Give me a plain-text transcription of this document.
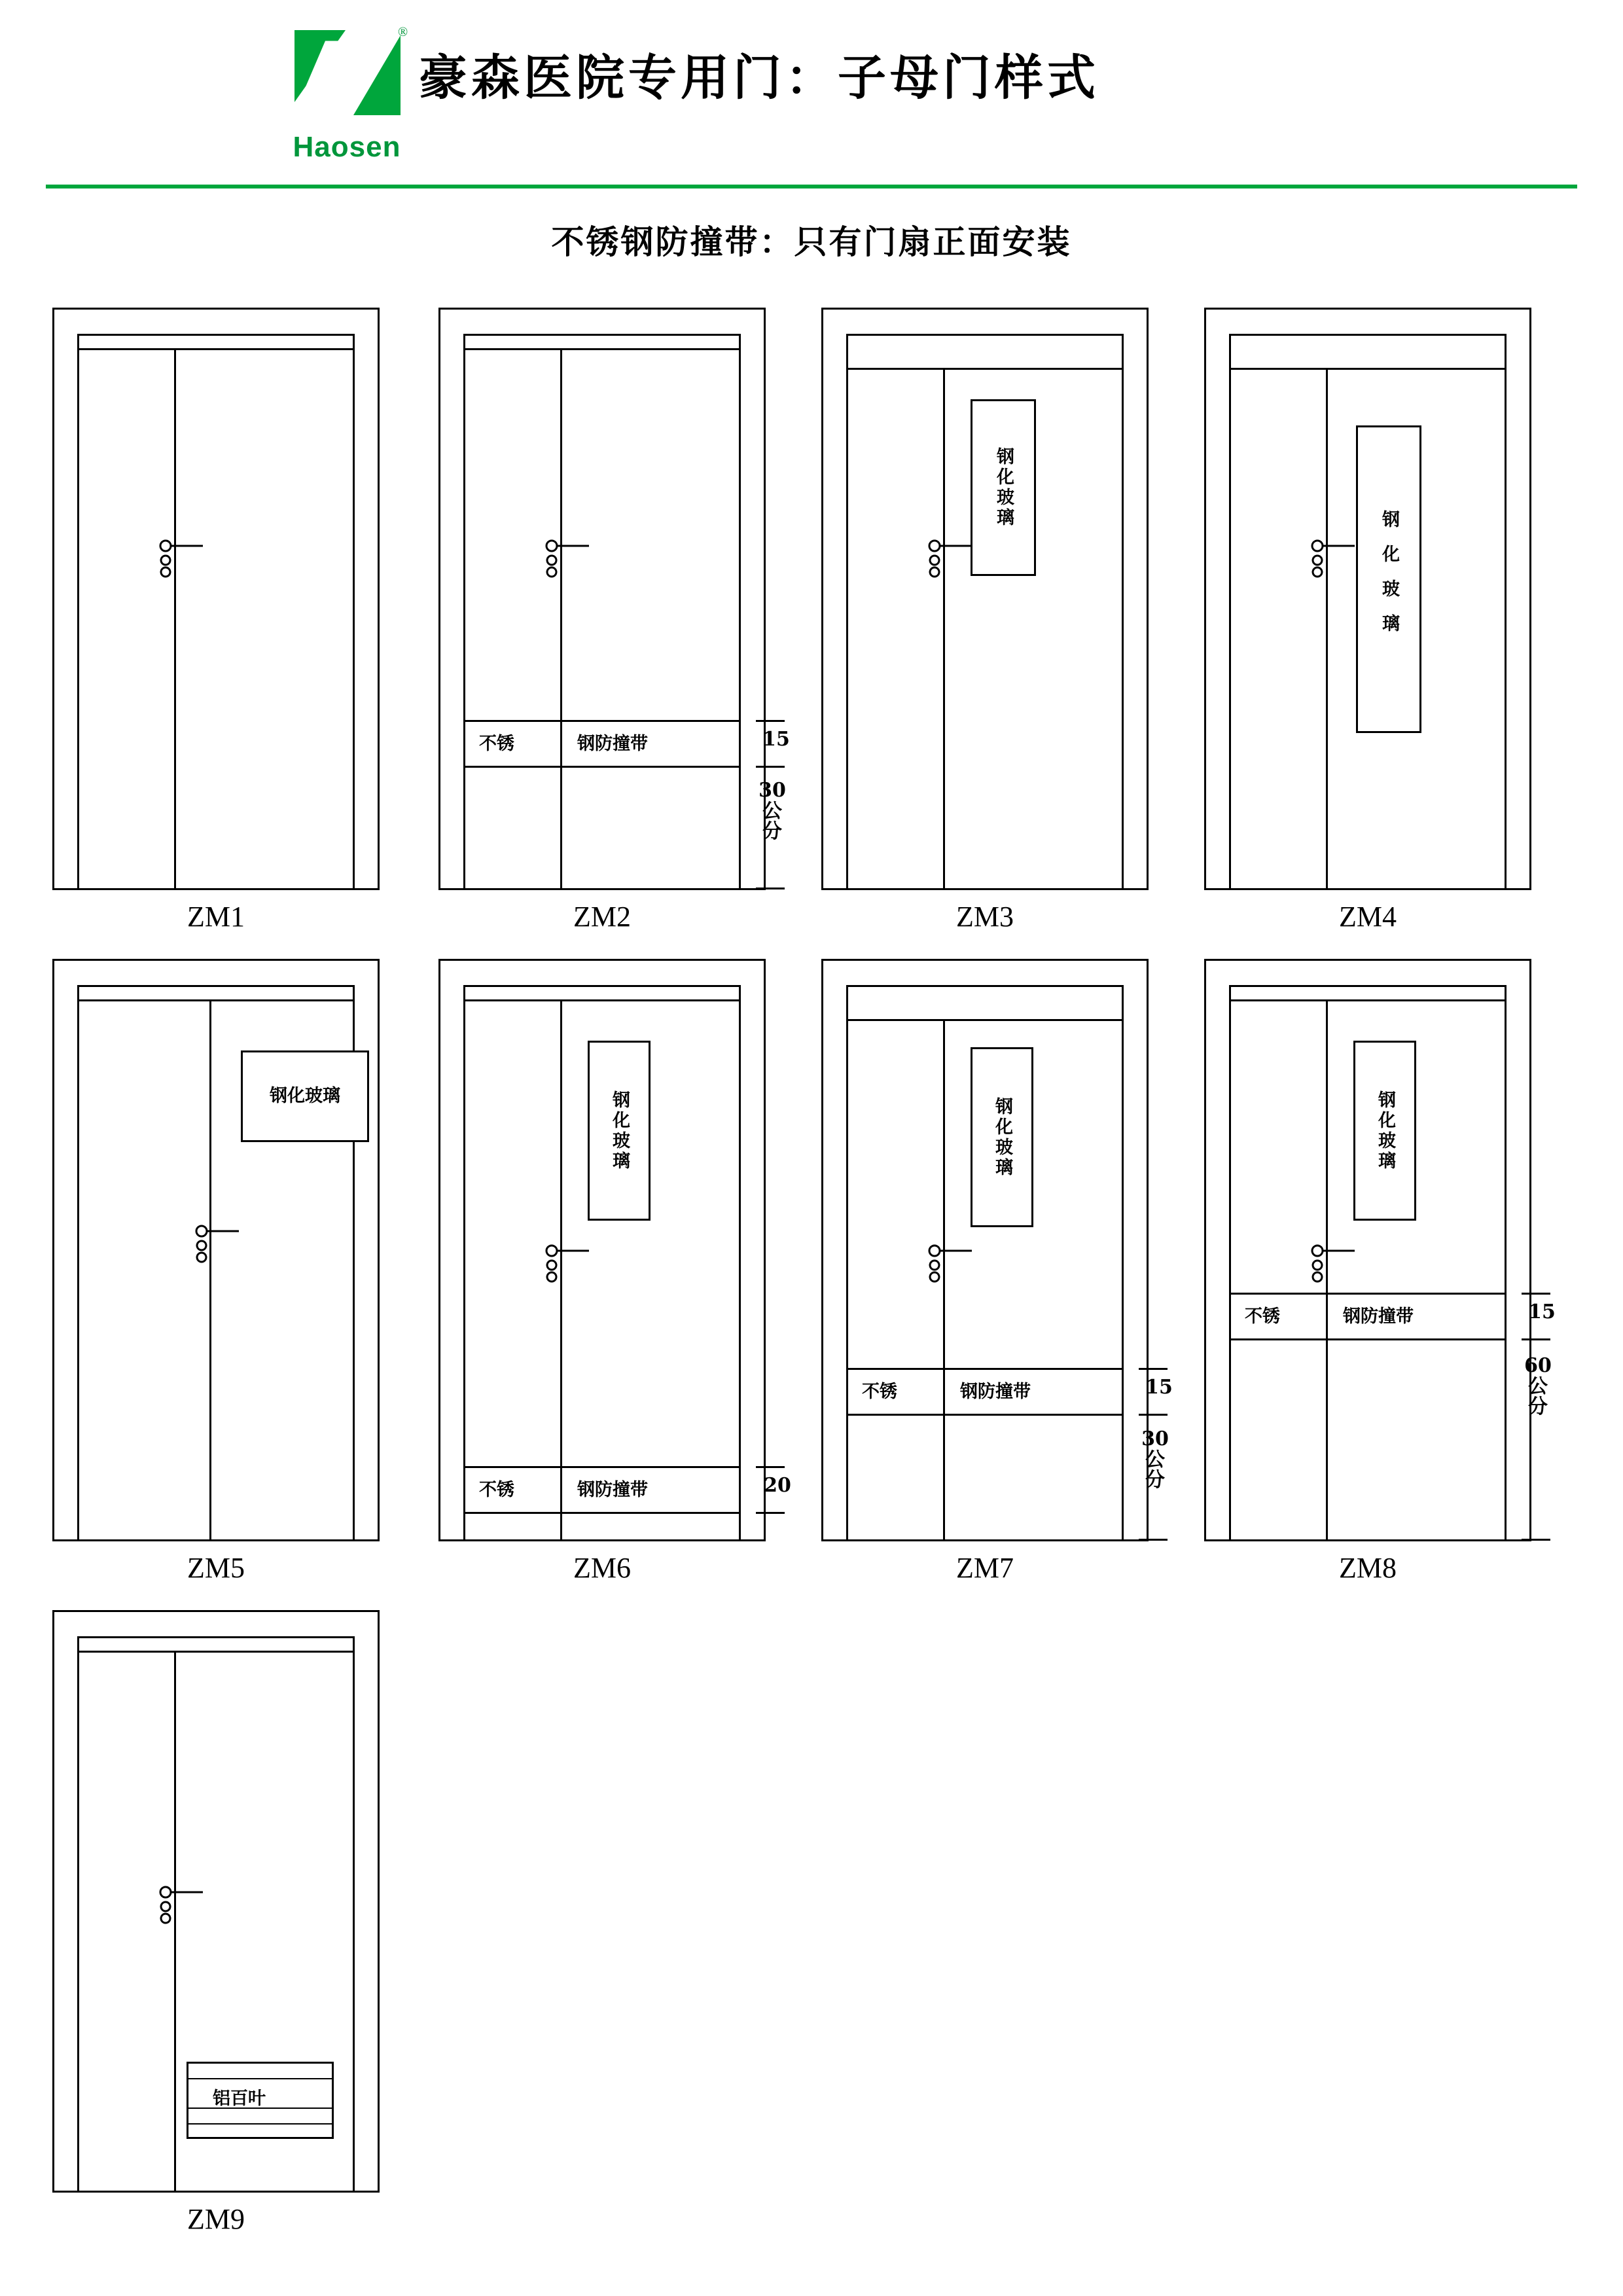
®
Haosen
豪森医院专用门：子母门样式
不锈钢防撞带：只有门扇正面安装
ZM1
不锈	钢防撞带	15
30公分
ZM2
钢化玻璃
ZM3
钢化玻璃
ZM4
钢化玻璃
ZM5
钢化玻璃
不锈	钢防撞带	20
ZM6
钢化玻璃
不锈	钢防撞带	15
30公分
ZM7
钢化玻璃
不锈	钢防撞带	15
60公分
ZM8
铝百叶
ZM9
